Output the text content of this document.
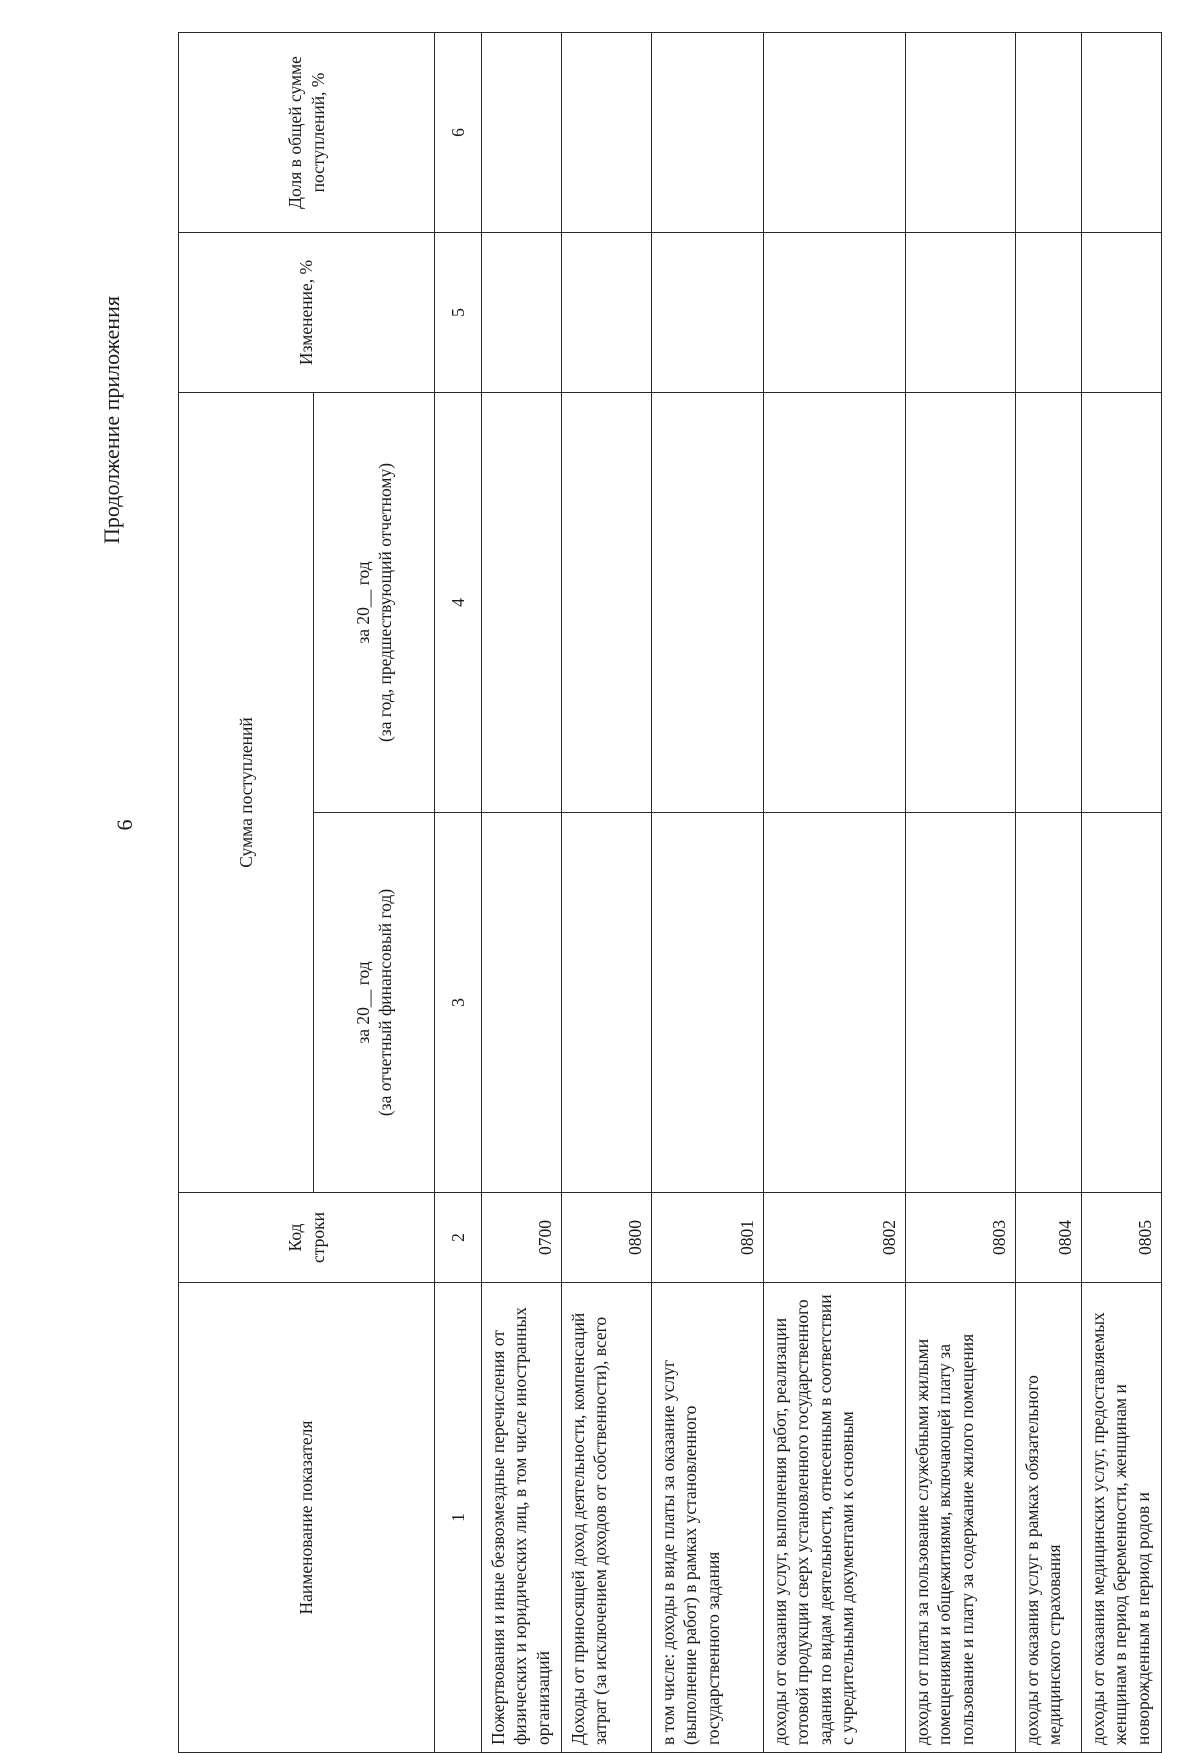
6
Продолжение приложения
Наименование показателя	Код строки	Сумма поступлений		Изменение, %	Доля в общей сумме поступлений, %

		за 20__ год (за отчетный финансовый год)	за 20__ год (за год, предшествующий отчетному)		

1	2	3	4	5	6
Пожертвования и иные безвозмездные перечисления от физических и юридических лиц, в том числе иностранных организаций	0700				
Доходы от приносящей доход деятельности, компенсаций затрат (за исключением доходов от собственности), всего	0800				
в том числе: доходы в виде платы за оказание услуг (выполнение работ) в рамках установленного государственного задания	0801				
доходы от оказания услуг, выполнения работ, реализации готовой продукции сверх установленного государственного задания по видам деятельности, отнесенным в соответствии с учредительными документами к основным	0802				
доходы от платы за пользование служебными жилыми помещениями и общежитиями, включающей плату за пользование и плату за содержание жилого помещения	0803				
доходы от оказания услуг в рамках обязательного медицинского страхования	0804				
доходы от оказания медицинских услуг, предоставляемых женщинам в период беременности, женщинам и новорожденным в период родов и	0805				
